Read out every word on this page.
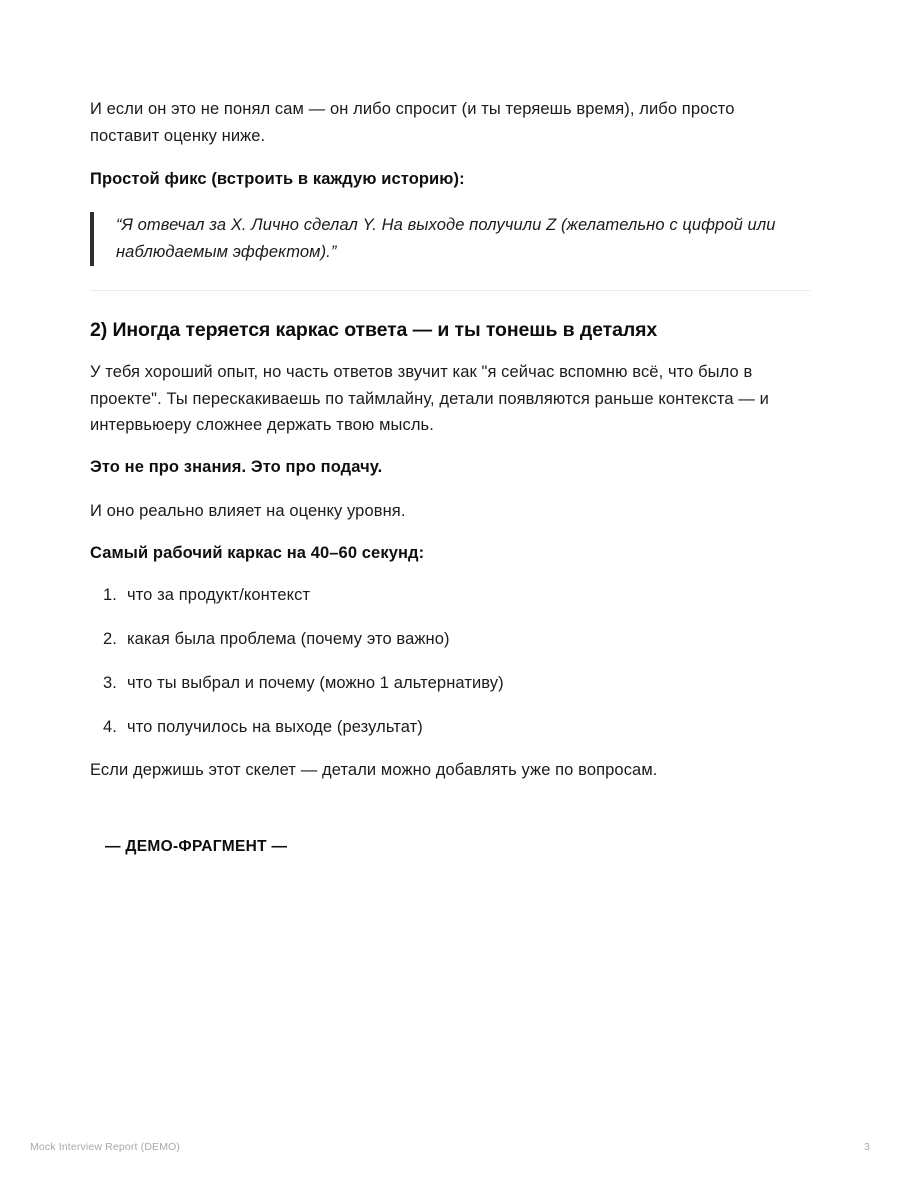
И если он это не понял сам — он либо спросит (и ты теряешь время), либо просто поставит оценку ниже.

Простой фикс (встроить в каждую историю):

“Я отвечал за X. Лично сделал Y. На выходе получили Z (желательно с цифрой или наблюдаемым эффектом).”
2) Иногда теряется каркас ответа — и ты тонешь в деталях

У тебя хороший опыт, но часть ответов звучит как "я сейчас вспомню всё, что было в проекте". Ты перескакиваешь по таймлайну, детали появляются раньше контекста — и интервьюеру сложнее держать твою мысль.

Это не про знания. Это про подачу.

И оно реально влияет на оценку уровня.

Самый рабочий каркас на 40–60 секунд:

1. что за продукт/контекст
2. какая была проблема (почему это важно)
3. что ты выбрал и почему (можно 1 альтернативу)
4. что получилось на выходе (результат)

Если держишь этот скелет — детали можно добавлять уже по вопросам.

— ДЕМО-ФРАГМЕНТ —

Mock Interview Report (DEMO)	3
